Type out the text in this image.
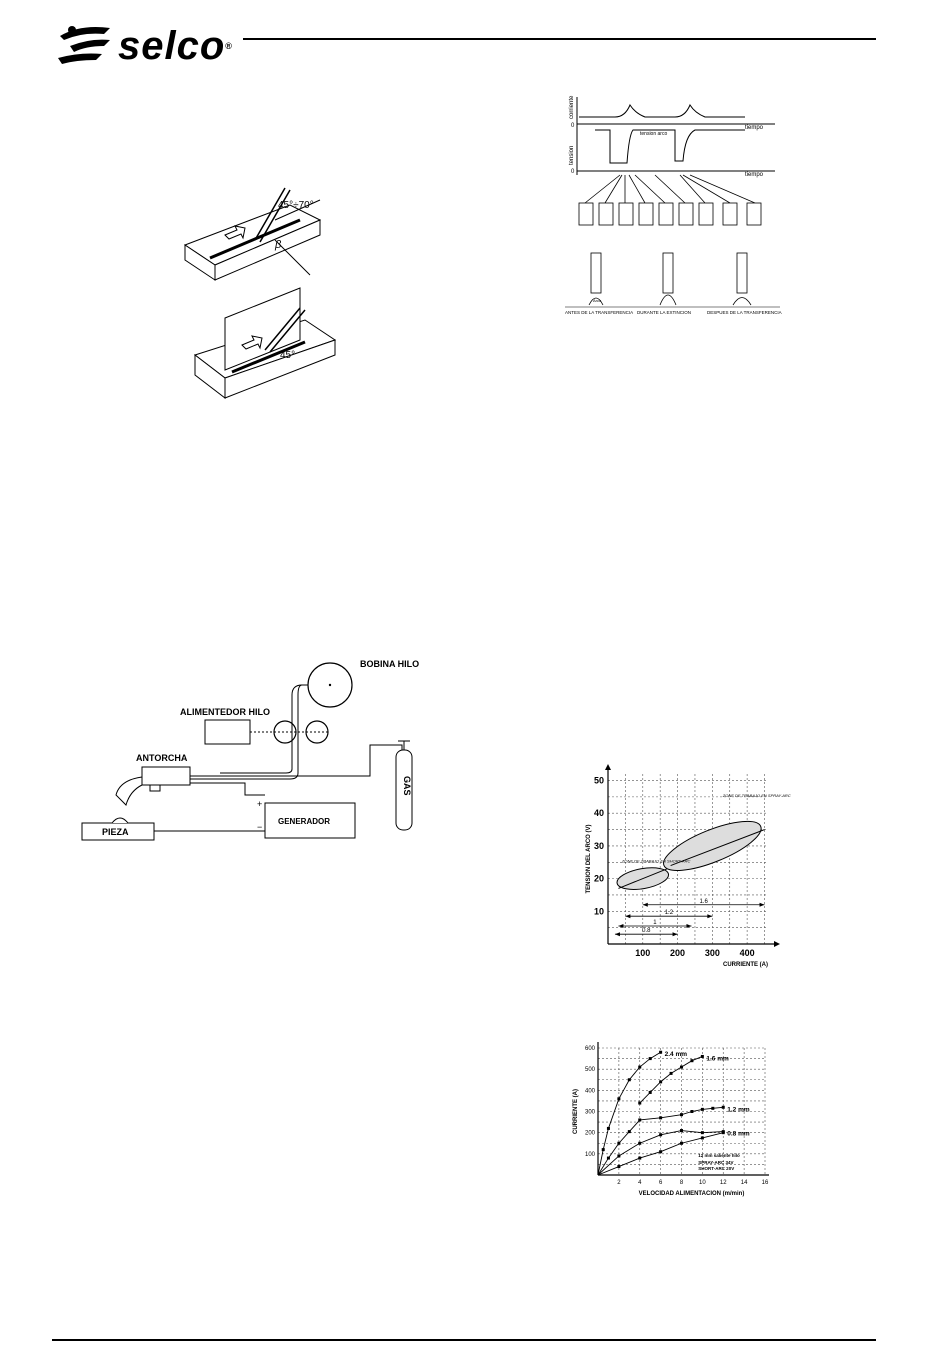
selco®
45°÷70°
β
45°
corriente
tension
0
0
tiempo
tiempo
tension arco
Arco
ANTES DE LA TRANSFERENCIA DURANTE LA EXTINCION	DESPUES DE LA TRANSFERENCIA
BOBINA HILO
ALIMENTEDOR HILO
ANTORCHA
GAS
GENERADOR
+
−
PIEZA
100 200 300 400
10
20
30
40
50
TENSION DEL ARCO (V)
CURRIENTE (A)
ZONE DE TRABAJO EN SPRAY-ARC
ZONE DE TRABAJO EN SHORT-ARC
1.6
1.2
1
0.8
2	4	6	8	10 12 14 16
100
200
300
400
500
600
CURRIENTE (A)
VELOCIDAD ALIMENTACION (m/min)
2.4 mm
1.6 mm
1.2 mm
0.8 mm
12 mm saliente hilo
SPRAY-ARC 34V
SHORT-ARC 20V
